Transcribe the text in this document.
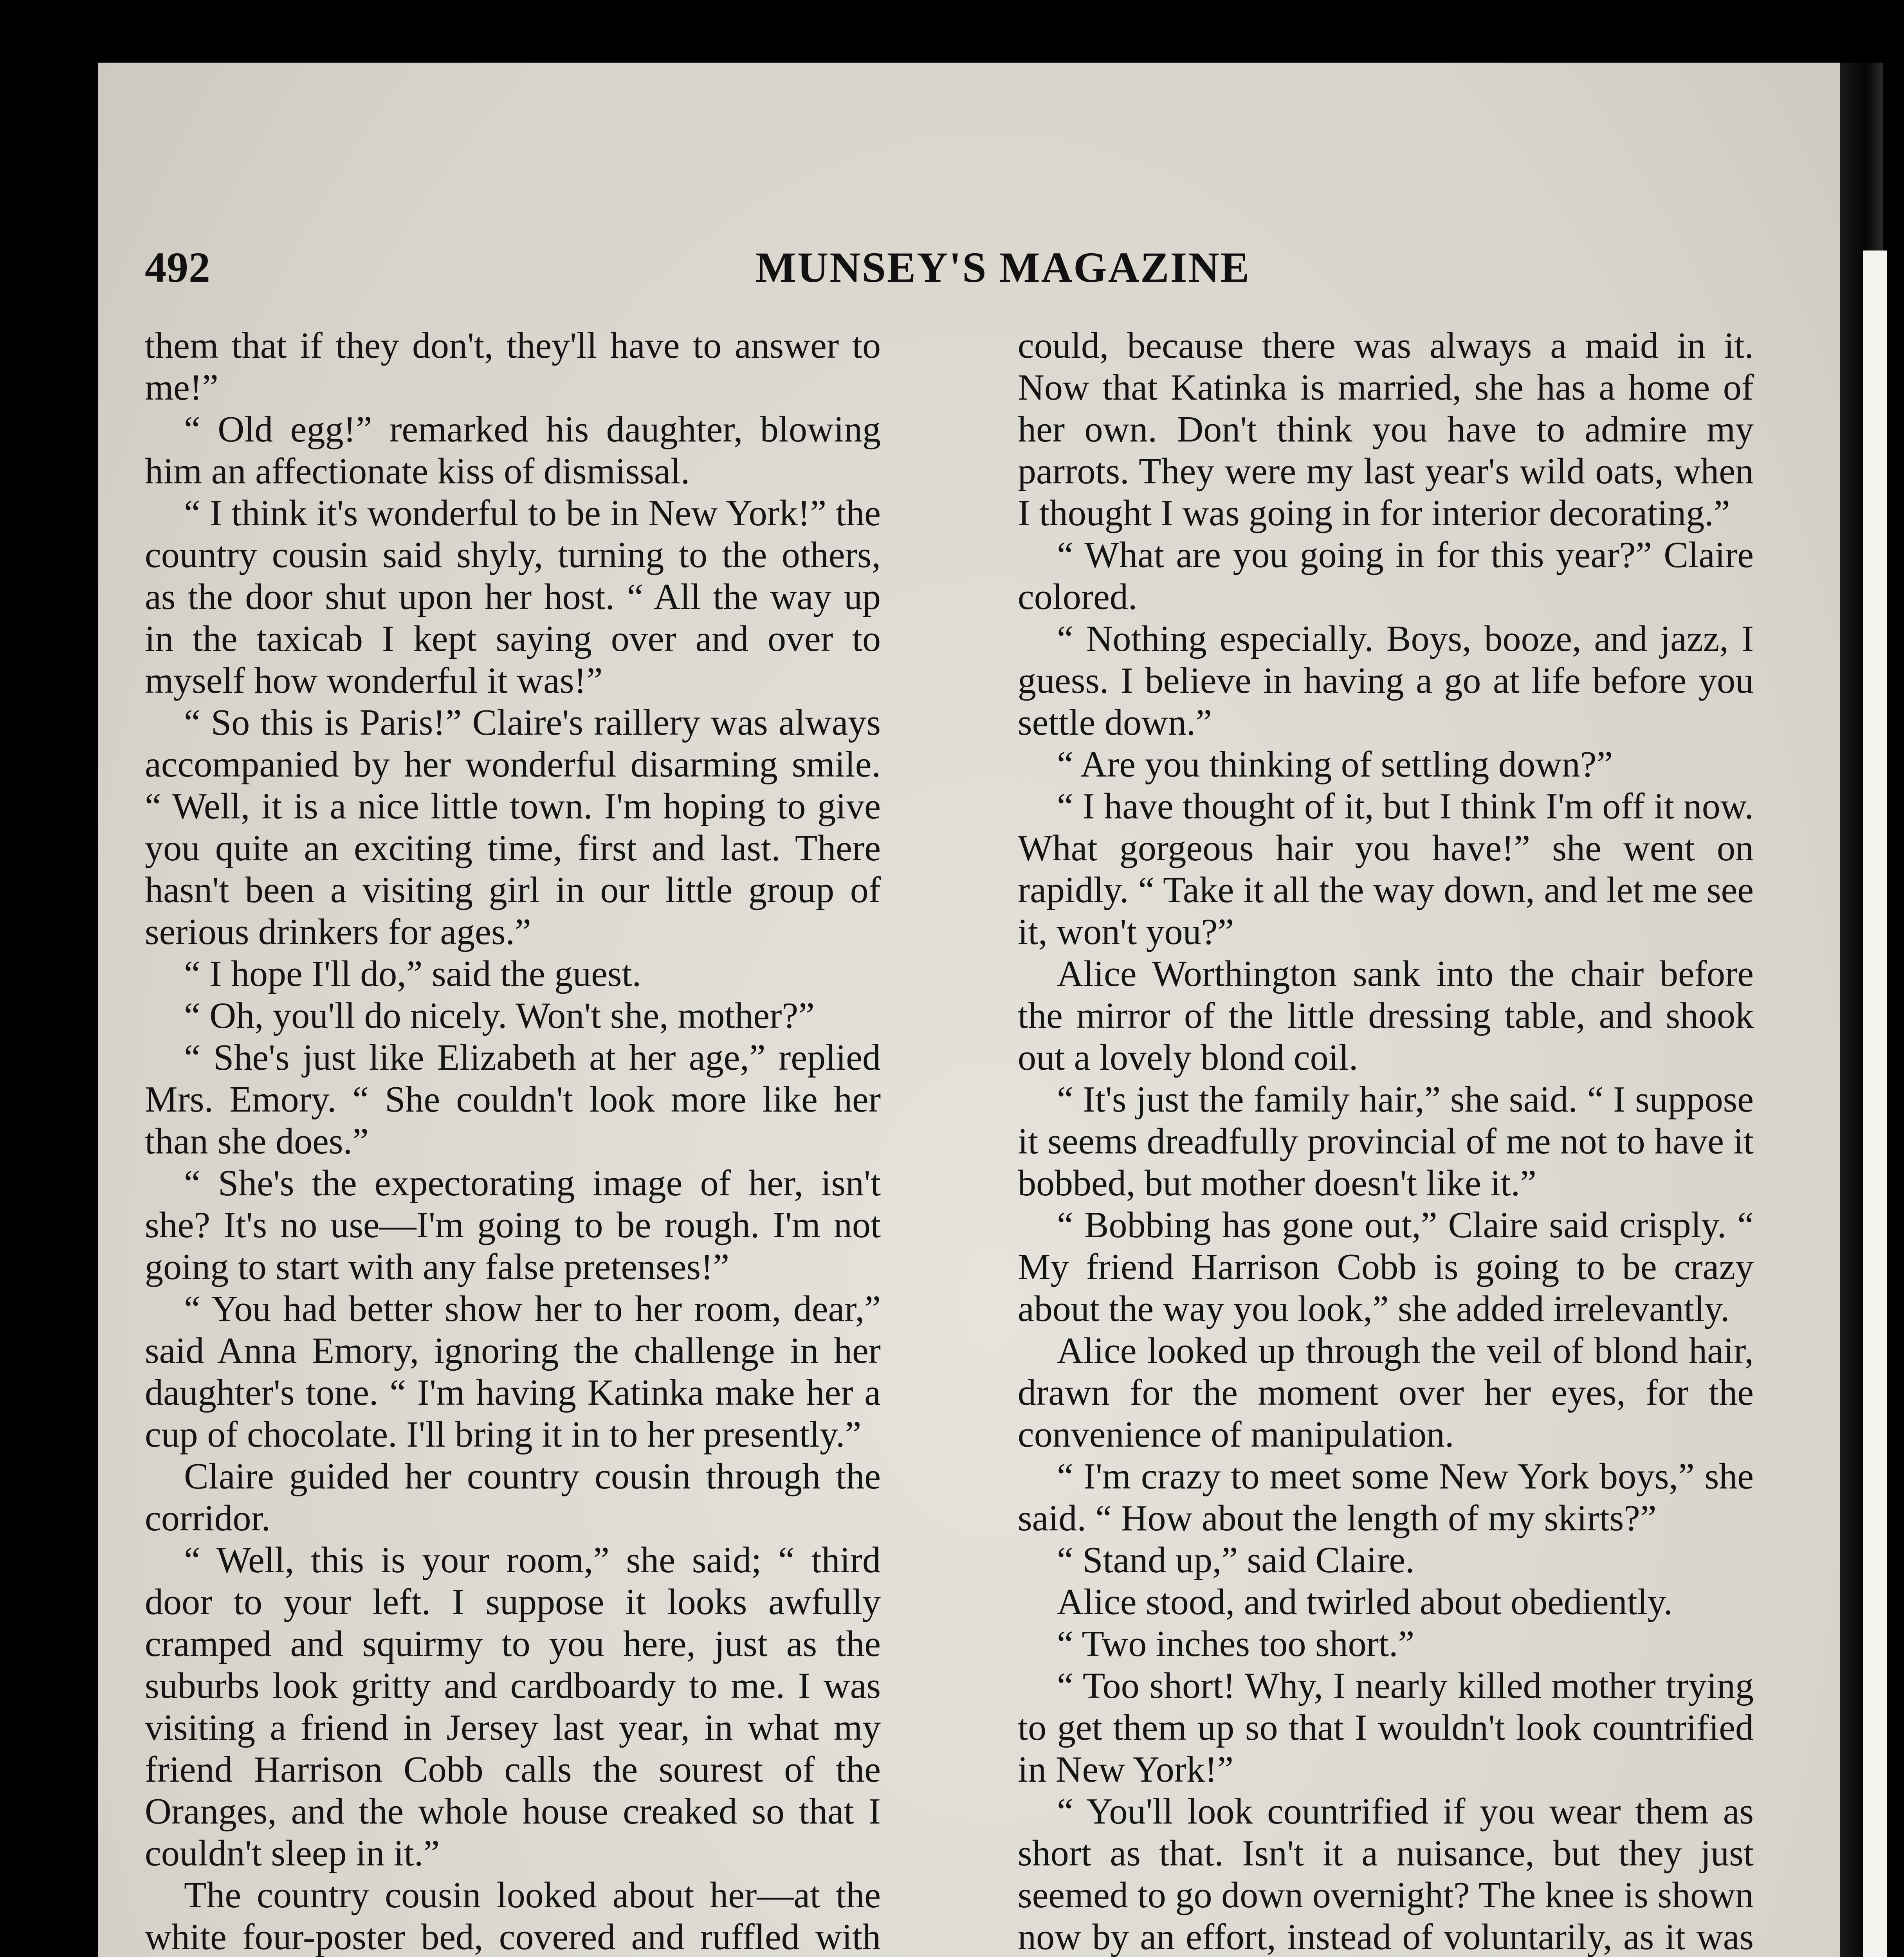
492	MUNSEY'S MAGAZINE

them that if they don't, they'll have to answer to me!”

“ Old egg!” remarked his daughter, blowing him an affectionate kiss of dismissal.

“ I think it's wonderful to be in New York!” the country cousin said shyly, turning to the others, as the door shut upon her host. “ All the way up in the taxicab I kept saying over and over to myself how wonderful it was!”

“ So this is Paris!” Claire's raillery was always accompanied by her wonderful disarming smile. “ Well, it is a nice little town. I'm hoping to give you quite an exciting time, first and last. There hasn't been a visiting girl in our little group of serious drinkers for ages.”

“ I hope I'll do,” said the guest.

“ Oh, you'll do nicely. Won't she, mother?”

“ She's just like Elizabeth at her age,” replied Mrs. Emory. “ She couldn't look more like her than she does.”

“ She's the expectorating image of her, isn't she? It's no use—I'm going to be rough. I'm not going to start with any false pretenses!”

“ You had better show her to her room, dear,” said Anna Emory, ignoring the challenge in her daughter's tone. “ I'm having Katinka make her a cup of chocolate. I'll bring it in to her presently.”

Claire guided her country cousin through the corridor.

“ Well, this is your room,” she said; “ third door to your left. I suppose it looks awfully cramped and squirmy to you here, just as the suburbs look gritty and cardboardy to me. I was visiting a friend in Jersey last year, in what my friend Harrison Cobb calls the sourest of the Oranges, and the whole house creaked so that I couldn't sleep in it.”

The country cousin looked about her—at the white four-poster bed, covered and ruffled with

could, because there was always a maid in it. Now that Katinka is married, she has a home of her own. Don't think you have to admire my parrots. They were my last year's wild oats, when I thought I was going in for interior decorating.”

“ What are you going in for this year?” Claire colored.

“ Nothing especially. Boys, booze, and jazz, I guess. I believe in having a go at life before you settle down.”

“ Are you thinking of settling down?”

“ I have thought of it, but I think I'm off it now. What gorgeous hair you have!” she went on rapidly. “ Take it all the way down, and let me see it, won't you?”

Alice Worthington sank into the chair before the mirror of the little dressing table, and shook out a lovely blond coil.

“ It's just the family hair,” she said. “ I suppose it seems dreadfully provincial of me not to have it bobbed, but mother doesn't like it.”

“ Bobbing has gone out,” Claire said crisply. “ My friend Harrison Cobb is going to be crazy about the way you look,” she added irrelevantly.

Alice looked up through the veil of blond hair, drawn for the moment over her eyes, for the convenience of manipulation.

“ I'm crazy to meet some New York boys,” she said. “ How about the length of my skirts?”

“ Stand up,” said Claire.

Alice stood, and twirled about obediently.

“ Two inches too short.”

“ Too short! Why, I nearly killed mother trying to get them up so that I wouldn't look countrified in New York!”

“ You'll look countrified if you wear them as short as that. Isn't it a nuisance, but they just seemed to go down overnight? The knee is shown now by an effort, instead of voluntarily, as it was
